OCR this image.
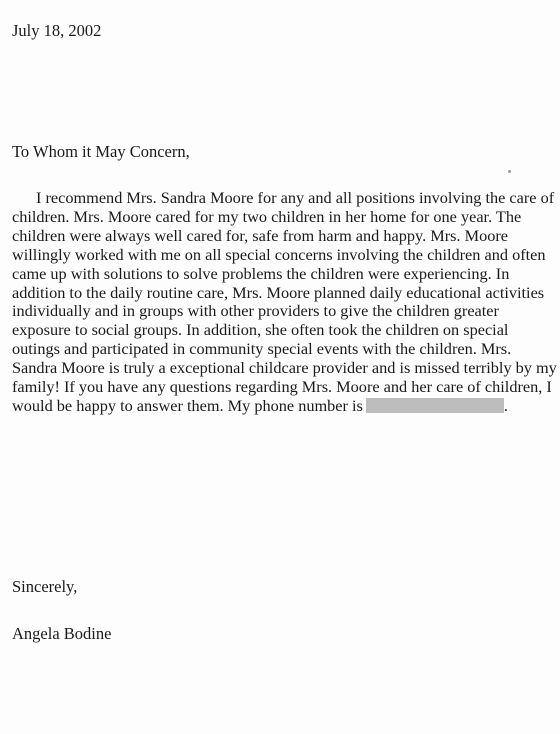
July 18, 2002
To Whom it May Concern,
I recommend Mrs. Sandra Moore for any and all positions involving the care of children. Mrs. Moore cared for my two children in her home for one year. The children were always well cared for, safe from harm and happy. Mrs. Moore willingly worked with me on all special concerns involving the children and often came up with solutions to solve problems the children were experiencing. In addition to the daily routine care, Mrs. Moore planned daily educational activities individually and in groups with other providers to give the children greater exposure to social groups. In addition, she often took the children on special outings and participated in community special events with the children. Mrs. Sandra Moore is truly a exceptional childcare provider and is missed terribly by my family! If you have any questions regarding Mrs. Moore and her care of children, I would be happy to answer them. My phone number is	.
Sincerely,
Angela Bodine
